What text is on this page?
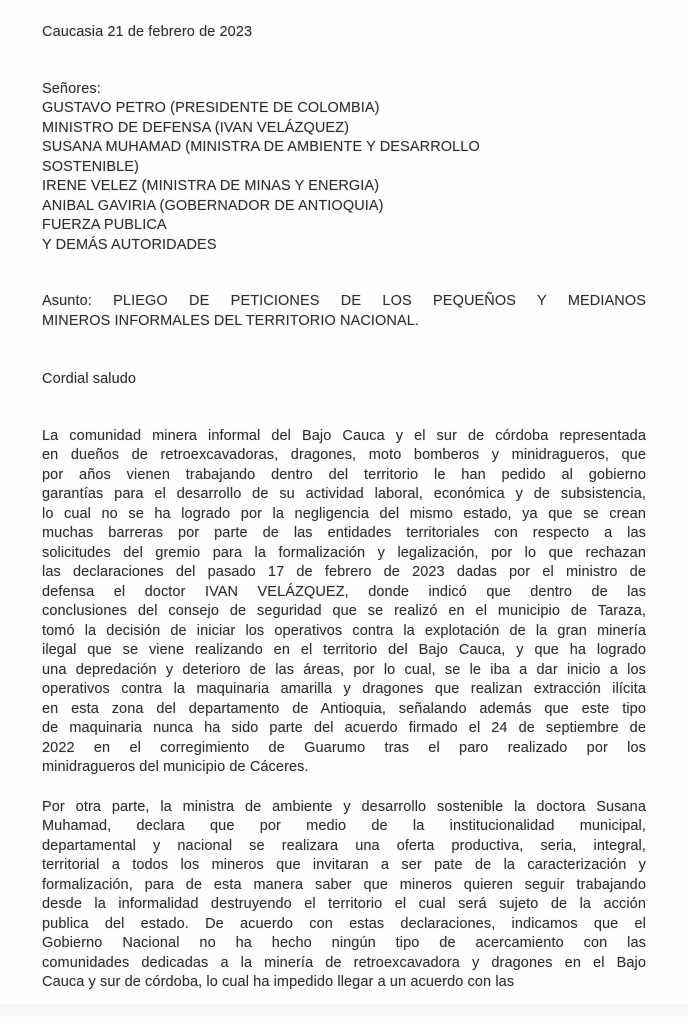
Caucasia 21 de febrero de 2023
Señores:
GUSTAVO PETRO (PRESIDENTE DE COLOMBIA)
MINISTRO DE DEFENSA (IVAN VELÁZQUEZ)
SUSANA MUHAMAD (MINISTRA DE AMBIENTE Y DESARROLLO
SOSTENIBLE)
IRENE VELEZ (MINISTRA DE MINAS Y ENERGIA)
ANIBAL GAVIRIA (GOBERNADOR DE ANTIOQUIA)
FUERZA PUBLICA
Y DEMÁS AUTORIDADES
Asunto: PLIEGO DE PETICIONES DE LOS PEQUEÑOS Y MEDIANOS
MINEROS INFORMALES DEL TERRITORIO NACIONAL.
Cordial saludo
La comunidad minera informal del Bajo Cauca y el sur de córdoba representada
en dueños de retroexcavadoras, dragones, moto bomberos y minidragueros, que
por años vienen trabajando dentro del territorio le han pedido al gobierno
garantías para el desarrollo de su actividad laboral, económica y de subsistencia,
lo cual no se ha logrado por la negligencia del mismo estado, ya que se crean
muchas barreras por parte de las entidades territoriales con respecto a las
solicitudes del gremio para la formalización y legalización, por lo que rechazan
las declaraciones del pasado 17 de febrero de 2023 dadas por el ministro de
defensa el doctor IVAN VELÁZQUEZ, donde indicó que dentro de las
conclusiones del consejo de seguridad que se realizó en el municipio de Taraza,
tomó la decisión de iniciar los operativos contra la explotación de la gran minería
ilegal que se viene realizando en el territorio del Bajo Cauca, y que ha logrado
una depredación y deterioro de las áreas, por lo cual, se le iba a dar inicio a los
operativos contra la maquinaria amarilla y dragones que realizan extracción ilícita
en esta zona del departamento de Antioquia, señalando además que este tipo
de maquinaria nunca ha sido parte del acuerdo firmado el 24 de septiembre de
2022 en el corregimiento de Guarumo tras el paro realizado por los
minidragueros del municipio de Cáceres.
Por otra parte, la ministra de ambiente y desarrollo sostenible la doctora Susana
Muhamad, declara que por medio de la institucionalidad municipal,
departamental y nacional se realizara una oferta productiva, seria, integral,
territorial a todos los mineros que invitaran a ser pate de la caracterización y
formalización, para de esta manera saber que mineros quieren seguir trabajando
desde la informalidad destruyendo el territorio el cual será sujeto de la acción
publica del estado. De acuerdo con estas declaraciones, indicamos que el
Gobierno Nacional no ha hecho ningún tipo de acercamiento con las
comunidades dedicadas a la minería de retroexcavadora y dragones en el Bajo
Cauca y sur de córdoba, lo cual ha impedido llegar a un acuerdo con las
